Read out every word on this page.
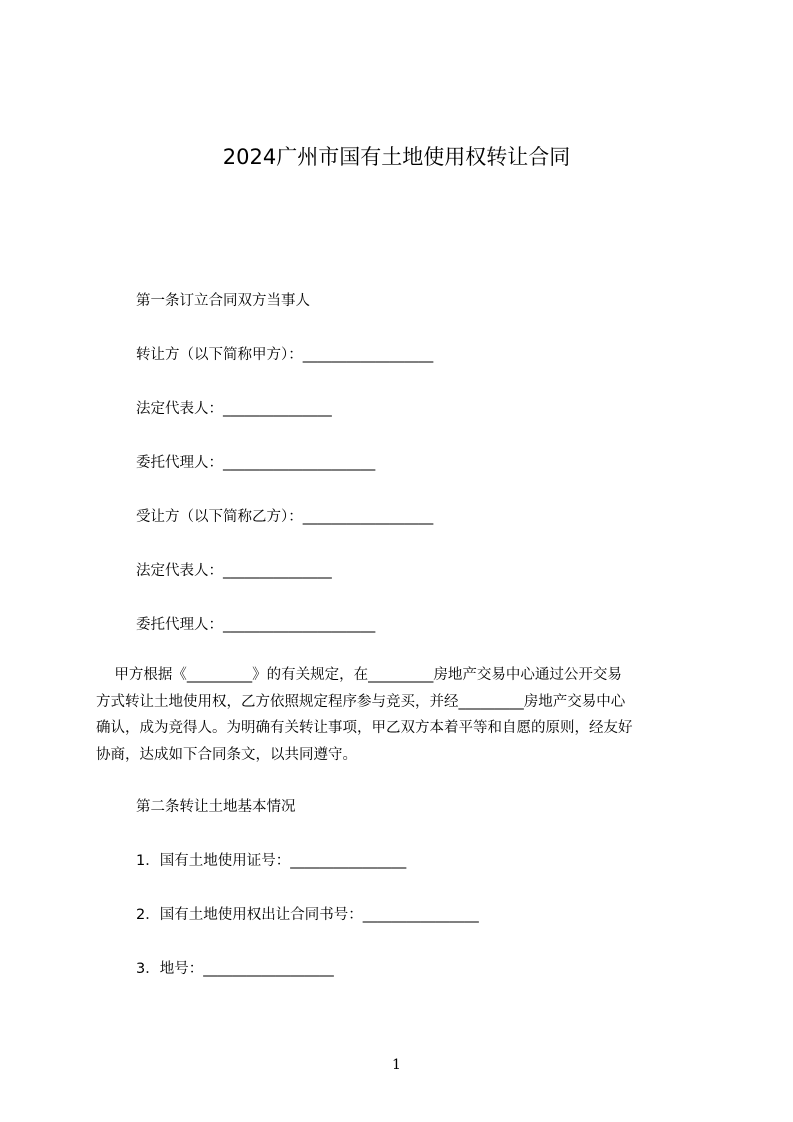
2024广州市国有土地使用权转让合同
第一条订立合同双方当事人
转让方（以下简称甲方）：__________________
法定代表人：_______________
委托代理人：_____________________
受让方（以下简称乙方）：__________________
法定代表人：_______________
委托代理人：_____________________
甲方根据《_________》的有关规定，在_________房地产交易中心通过公开交易
方式转让土地使用权，乙方依照规定程序参与竞买，并经_________房地产交易中心
确认，成为竞得人。为明确有关转让事项，甲乙双方本着平等和自愿的原则，经友好
协商，达成如下合同条文，以共同遵守。
第二条转让土地基本情况
1．国有土地使用证号：________________
2．国有土地使用权出让合同书号：________________
3．地号：__________________
1
